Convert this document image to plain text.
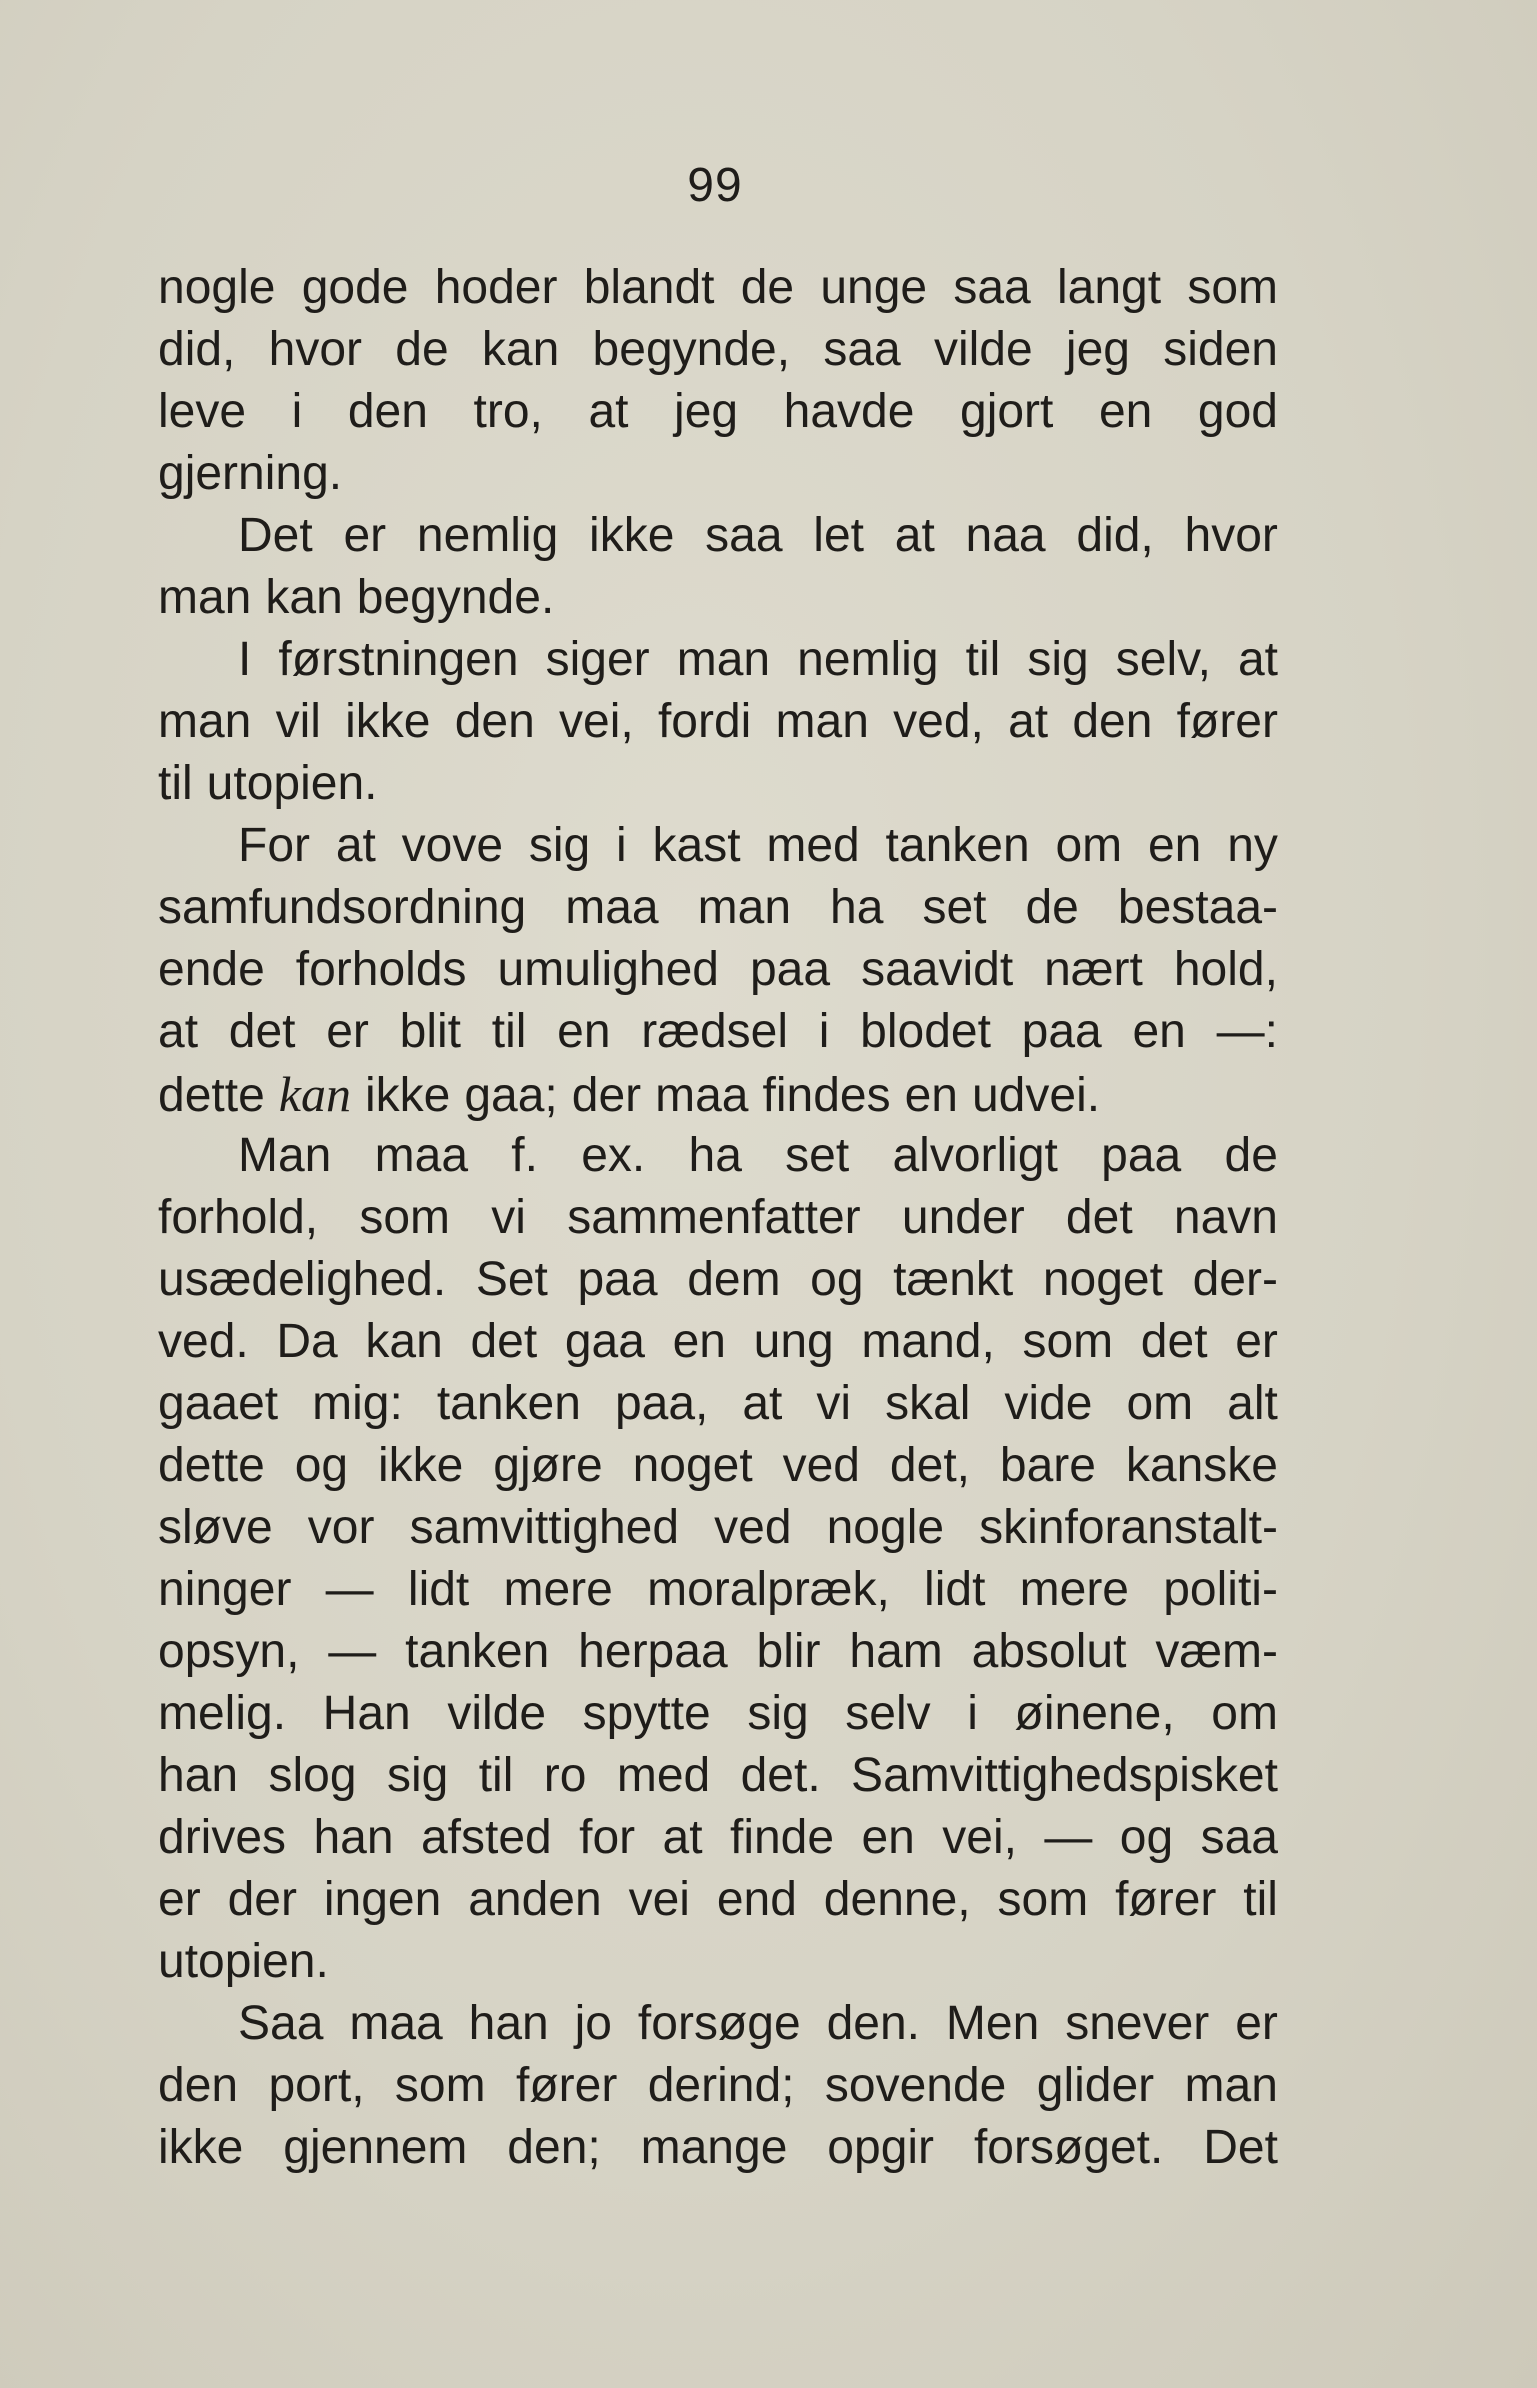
99
nogle gode hoder blandt de unge saa langt som
did, hvor de kan begynde, saa vilde jeg siden
leve i den tro, at jeg havde gjort en god
gjerning.
Det er nemlig ikke saa let at naa did, hvor
man kan begynde.
I førstningen siger man nemlig til sig selv, at
man vil ikke den vei, fordi man ved, at den fører
til utopien.
For at vove sig i kast med tanken om en ny
samfundsordning maa man ha set de bestaa-
ende forholds umulighed paa saavidt nært hold,
at det er blit til en rædsel i blodet paa en —:
dette kan ikke gaa; der maa findes en udvei.
Man maa f. ex. ha set alvorligt paa de
forhold, som vi sammenfatter under det navn
usædelighed. Set paa dem og tænkt noget der-
ved. Da kan det gaa en ung mand, som det er
gaaet mig: tanken paa, at vi skal vide om alt
dette og ikke gjøre noget ved det, bare kanske
sløve vor samvittighed ved nogle skinforanstalt-
ninger — lidt mere moralpræk, lidt mere politi-
opsyn, — tanken herpaa blir ham absolut væm-
melig. Han vilde spytte sig selv i øinene, om
han slog sig til ro med det. Samvittighedspisket
drives han afsted for at finde en vei, — og saa
er der ingen anden vei end denne, som fører til
utopien.
Saa maa han jo forsøge den. Men snever er
den port, som fører derind; sovende glider man
ikke gjennem den; mange opgir forsøget. Det
